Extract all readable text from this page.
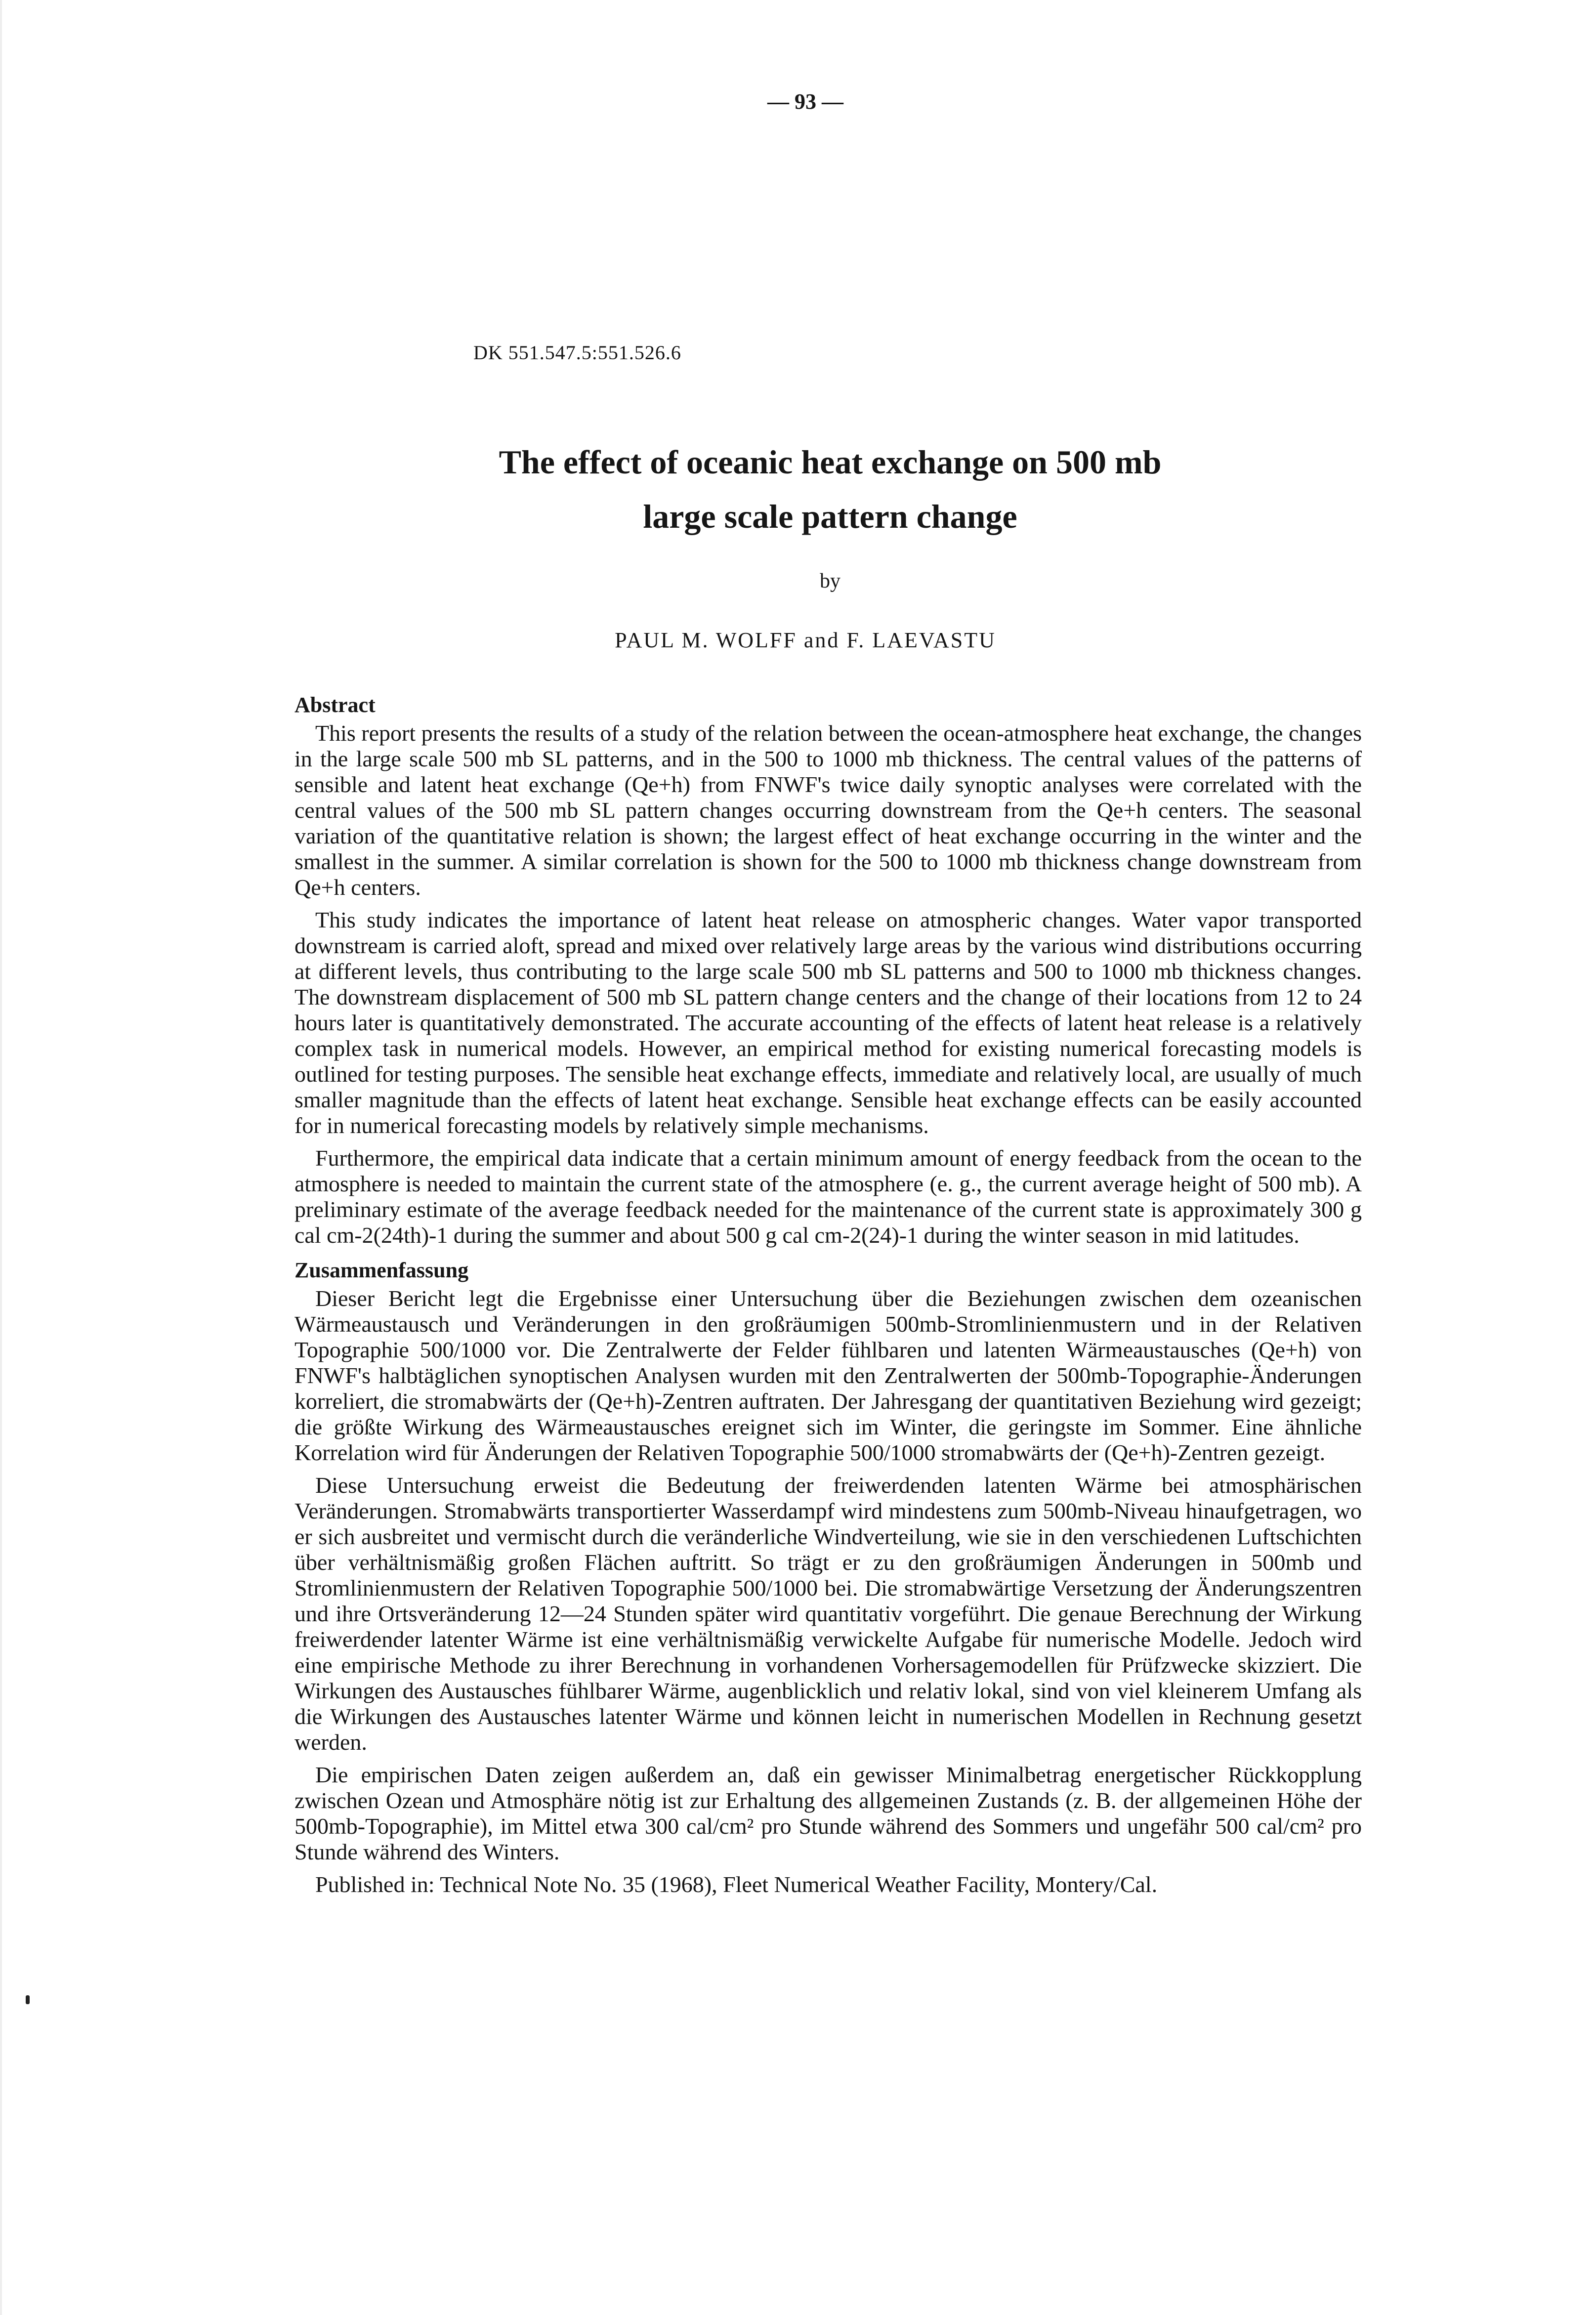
— 93 —
DK 551.547.5:551.526.6
The effect of oceanic heat exchange on 500 mb
large scale pattern change
by
PAUL M. WOLFF and F. LAEVASTU

Abstract

This report presents the results of a study of the relation between the ocean-atmosphere heat exchange, the changes in the large scale 500 mb SL patterns, and in the 500 to 1000 mb thickness. The central values of the patterns of sensible and latent heat exchange (Qe+h) from FNWF's twice daily synoptic analyses were correlated with the central values of the 500 mb SL pattern changes occurring downstream from the Qe+h centers. The seasonal variation of the quantitative relation is shown; the largest effect of heat exchange occurring in the winter and the smallest in the summer. A similar correlation is shown for the 500 to 1000 mb thickness change downstream from Qe+h centers.

This study indicates the importance of latent heat release on atmospheric changes. Water vapor transported downstream is carried aloft, spread and mixed over relatively large areas by the various wind distributions occurring at different levels, thus contributing to the large scale 500 mb SL patterns and 500 to 1000 mb thickness changes. The downstream displacement of 500 mb SL pattern change centers and the change of their locations from 12 to 24 hours later is quantitatively demonstrated. The accurate accounting of the effects of latent heat release is a relatively complex task in numerical models. However, an empirical method for existing numerical forecasting models is outlined for testing purposes. The sensible heat exchange effects, immediate and relatively local, are usually of much smaller magnitude than the effects of latent heat exchange. Sensible heat exchange effects can be easily accounted for in numerical forecasting models by relatively simple mechanisms.

Furthermore, the empirical data indicate that a certain minimum amount of energy feedback from the ocean to the atmosphere is needed to maintain the current state of the atmosphere (e. g., the current average height of 500 mb). A preliminary estimate of the average feedback needed for the maintenance of the current state is approximately 300 g cal cm-2(24th)-1 during the summer and about 500 g cal cm-2(24)-1 during the winter season in mid latitudes.

Zusammenfassung

Dieser Bericht legt die Ergebnisse einer Untersuchung über die Beziehungen zwischen dem ozeanischen Wärmeaustausch und Veränderungen in den großräumigen 500mb-Stromlinienmustern und in der Relativen Topographie 500/1000 vor. Die Zentralwerte der Felder fühlbaren und latenten Wärmeaustausches (Qe+h) von FNWF's halbtäglichen synoptischen Analysen wurden mit den Zentralwerten der 500mb-Topographie-Änderungen korreliert, die stromabwärts der (Qe+h)-Zentren auftraten. Der Jahresgang der quantitativen Beziehung wird gezeigt; die größte Wirkung des Wärmeaustausches ereignet sich im Winter, die geringste im Sommer. Eine ähnliche Korrelation wird für Änderungen der Relativen Topographie 500/1000 stromabwärts der (Qe+h)-Zentren gezeigt.

Diese Untersuchung erweist die Bedeutung der freiwerdenden latenten Wärme bei atmosphärischen Veränderungen. Stromabwärts transportierter Wasserdampf wird mindestens zum 500mb-Niveau hinaufgetragen, wo er sich ausbreitet und vermischt durch die veränderliche Windverteilung, wie sie in den verschiedenen Luftschichten über verhältnismäßig großen Flächen auftritt. So trägt er zu den großräumigen Änderungen in 500mb und Stromlinienmustern der Relativen Topographie 500/1000 bei. Die stromabwärtige Versetzung der Änderungszentren und ihre Ortsveränderung 12—24 Stunden später wird quantitativ vorgeführt. Die genaue Berechnung der Wirkung freiwerdender latenter Wärme ist eine verhältnismäßig verwickelte Aufgabe für numerische Modelle. Jedoch wird eine empirische Methode zu ihrer Berechnung in vorhandenen Vorhersagemodellen für Prüfzwecke skizziert. Die Wirkungen des Austausches fühlbarer Wärme, augenblicklich und relativ lokal, sind von viel kleinerem Umfang als die Wirkungen des Austausches latenter Wärme und können leicht in numerischen Modellen in Rechnung gesetzt werden.

Die empirischen Daten zeigen außerdem an, daß ein gewisser Minimalbetrag energetischer Rückkopplung zwischen Ozean und Atmosphäre nötig ist zur Erhaltung des allgemeinen Zustands (z. B. der allgemeinen Höhe der 500mb-Topographie), im Mittel etwa 300 cal/cm² pro Stunde während des Sommers und ungefähr 500 cal/cm² pro Stunde während des Winters.

Published in: Technical Note No. 35 (1968), Fleet Numerical Weather Facility, Montery/Cal.
